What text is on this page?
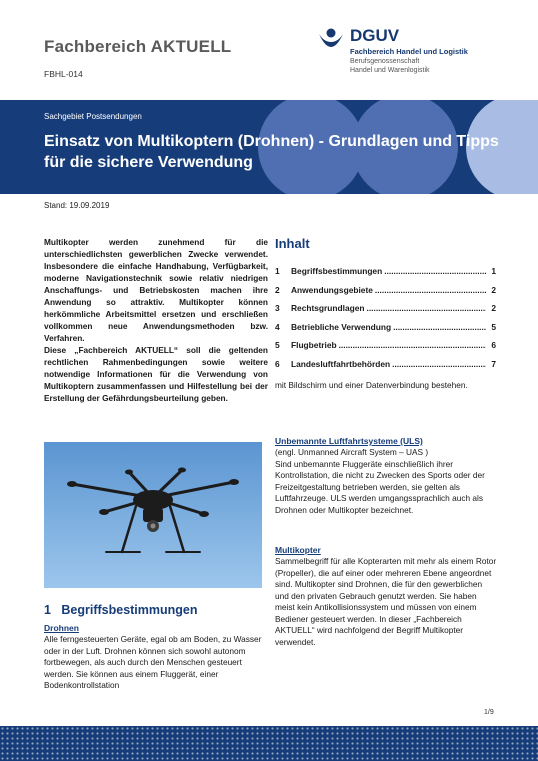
Fachbereich AKTUELL
FBHL-014
DGUV
Fachbereich Handel und Logistik
Berufsgenossenschaft
Handel und Warenlogistik
Sachgebiet Postsendungen
Einsatz von Multikoptern (Drohnen) - Grundlagen und Tipps für die sichere Verwendung
Stand: 19.09.2019

Multikopter werden zunehmend für die unterschiedlichsten gewerblichen Zwecke verwendet. Insbesondere die einfache Handhabung, Verfügbarkeit, moderne Navigationstechnik sowie relativ niedrigen Anschaffungs- und Betriebskosten machen ihre Anwendung so attraktiv. Multikopter können herkömmliche Arbeitsmittel ersetzen und erschließen vollkommen neue Anwendungsmethoden bzw. Verfahren.

Diese „Fachbereich AKTUELL“ soll die geltenden rechtlichen Rahmenbedingungen sowie weitere notwendige Informationen für die Verwendung von Multikoptern zusammenfassen und Hilfestellung bei der Erstellung der Gefährdungsbeurteilung geben.

1 Begriffsbestimmungen
Drohnen
Alle ferngesteuerten Geräte, egal ob am Boden, zu Wasser oder in der Luft. Drohnen können sich sowohl autonom fortbewegen, als auch durch den Menschen gesteuert werden. Sie können aus einem Fluggerät, einer Bodenkontrollstation
Inhalt
1	Begriffsbestimmungen .....	1
2	Anwendungsgebiete .....	2
3	Rechtsgrundlagen .....	2
4	Betriebliche Verwendung .....	5
5	Flugbetrieb .....	6
6	Landesluftfahrtbehörden .....	7
mit Bildschirm und einer Datenverbindung bestehen.
Unbemannte Luftfahrtsysteme (ULS)
(engl. Unmanned Aircraft System – UAS )
Sind unbemannte Fluggeräte einschließlich ihrer Kontrollstation, die nicht zu Zwecken des Sports oder der Freizeitgestaltung betrieben werden, sie gelten als Luftfahrzeuge. ULS werden umgangssprachlich auch als Drohnen oder Multikopter bezeichnet.
Multikopter
Sammelbegriff für alle Kopterarten mit mehr als einem Rotor (Propeller), die auf einer oder mehreren Ebene angeordnet sind. Multikopter sind Drohnen, die für den gewerblichen und den privaten Gebrauch genutzt werden. Sie haben meist kein Antikollisionssystem und müssen von einem Bediener gesteuert werden. In dieser „Fachbereich AKTUELL“ wird nachfolgend der Begriff Multikopter verwendet.
1/9
